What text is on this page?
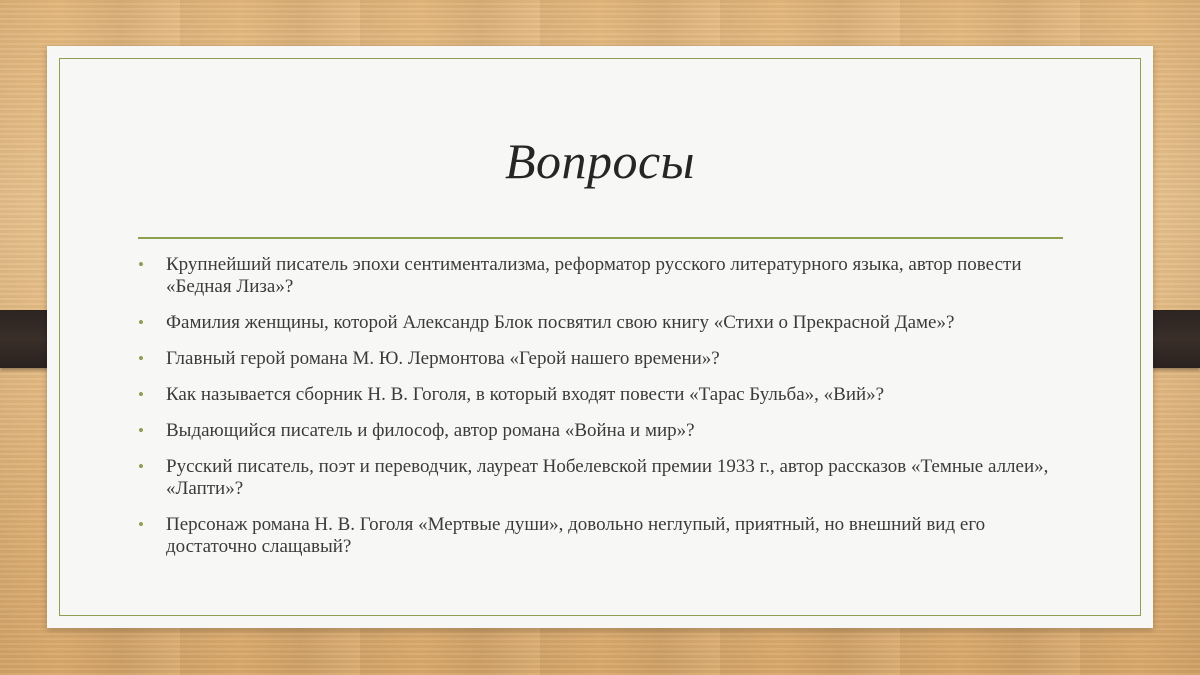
Вопросы
• Крупнейший писатель эпохи сентиментализма, реформатор русского литературного языка, автор повести «Бедная Лиза»?
• Фамилия женщины, которой Александр Блок посвятил свою книгу «Стихи о Прекрасной Даме»?
• Главный герой романа М. Ю. Лермонтова «Герой нашего времени»?
• Как называется сборник Н. В. Гоголя, в который входят повести «Тарас Бульба», «Вий»?
• Выдающийся писатель и философ, автор романа «Война и мир»?
• Русский писатель, поэт и переводчик, лауреат Нобелевской премии 1933 г., автор рассказов «Темные аллеи», «Лапти»?
• Персонаж романа Н. В. Гоголя «Мертвые души», довольно неглупый, приятный, но внешний вид его достаточно слащавый?
